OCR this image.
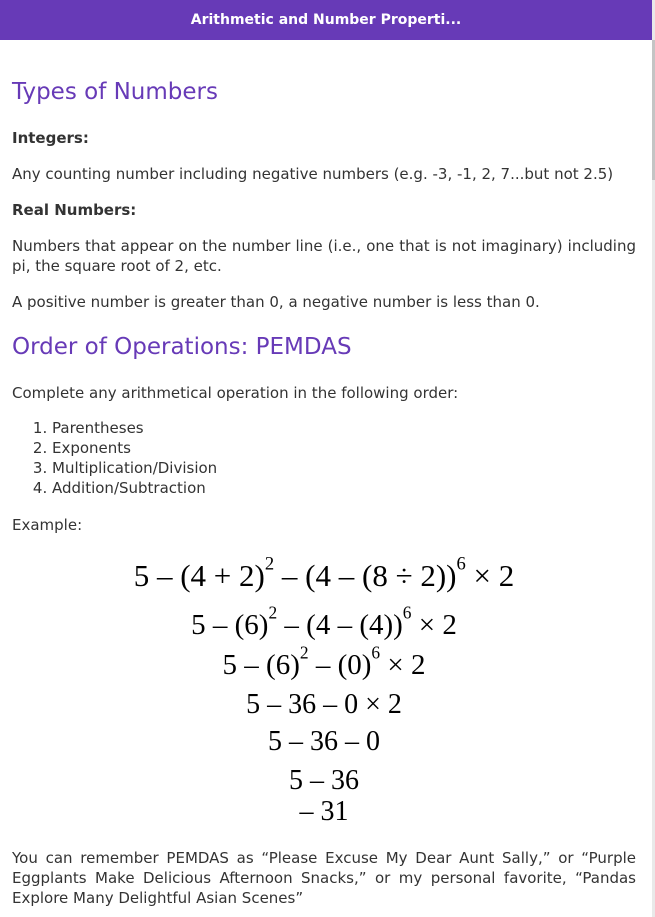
Arithmetic and Number Properti...
Types of Numbers

Integers:

Any counting number including negative numbers (e.g. -3, -1, 2, 7...but not 2.5)

Real Numbers:

Numbers that appear on the number line (i.e., one that is not imaginary) including pi, the square root of 2, etc.

A positive number is greater than 0, a negative number is less than 0.

Order of Operations: PEMDAS

Complete any arithmetical operation in the following order:

1. Parentheses
2. Exponents
3. Multiplication/Division
4. Addition/Subtraction

Example:

$5 - (4 + 2)^2 - (4 - (8 \div 2))^6 \times 2$
$5 - (6)^2 - (4 - (4))^6 \times 2$
$5 - (6)^2 - (0)^6 \times 2$
5 – 36 – 0 × 2
5 – 36 – 0
5 – 36
– 31

You can remember PEMDAS as “Please Excuse My Dear Aunt Sally,” or “Purple Eggplants Make Delicious Afternoon Snacks,” or my personal favorite, “Pandas Explore Many Delightful Asian Scenes”
